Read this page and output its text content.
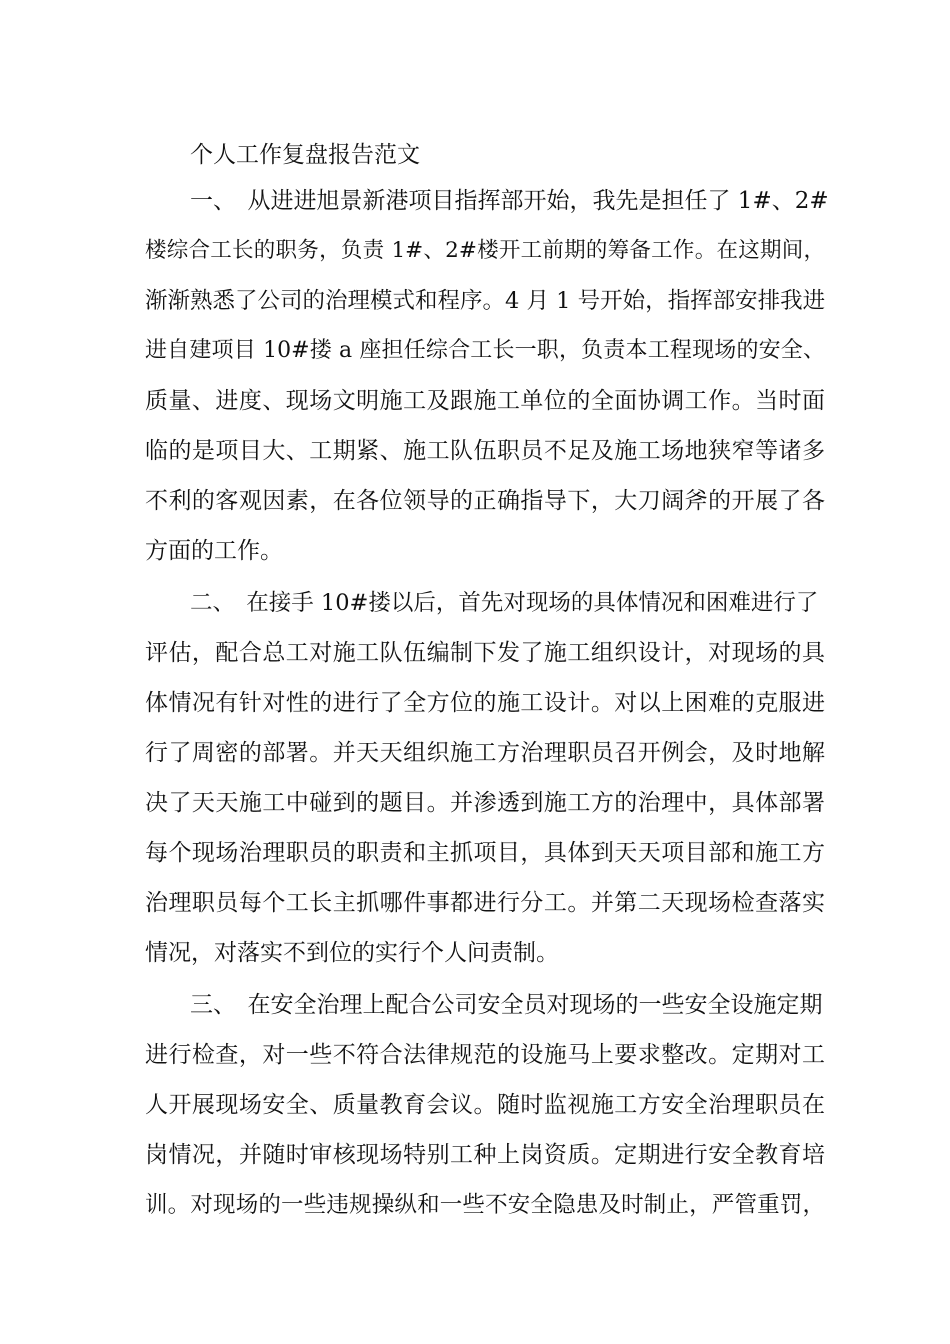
个人工作复盘报告范文
一、　从进进旭景新港项目指挥部开始，我先是担任了 1#、2#
楼综合工长的职务，负责 1#、2#楼开工前期的筹备工作。在这期间，
渐渐熟悉了公司的治理模式和程序。4 月 1 号开始，指挥部安排我进
进自建项目 10#搂 a 座担任综合工长一职，负责本工程现场的安全、
质量、进度、现场文明施工及跟施工单位的全面协调工作。当时面
临的是项目大、工期紧、施工队伍职员不足及施工场地狭窄等诸多
不利的客观因素，在各位领导的正确指导下，大刀阔斧的开展了各
方面的工作。
二、　在接手 10#搂以后，首先对现场的具体情况和困难进行了
评估，配合总工对施工队伍编制下发了施工组织设计，对现场的具
体情况有针对性的进行了全方位的施工设计。对以上困难的克服进
行了周密的部署。并天天组织施工方治理职员召开例会，及时地解
决了天天施工中碰到的题目。并渗透到施工方的治理中，具体部署
每个现场治理职员的职责和主抓项目，具体到天天项目部和施工方
治理职员每个工长主抓哪件事都进行分工。并第二天现场检查落实
情况，对落实不到位的实行个人问责制。
三、　在安全治理上配合公司安全员对现场的一些安全设施定期
进行检查，对一些不符合法律规范的设施马上要求整改。定期对工
人开展现场安全、质量教育会议。随时监视施工方安全治理职员在
岗情况，并随时审核现场特别工种上岗资质。定期进行安全教育培
训。对现场的一些违规操纵和一些不安全隐患及时制止，严管重罚，
